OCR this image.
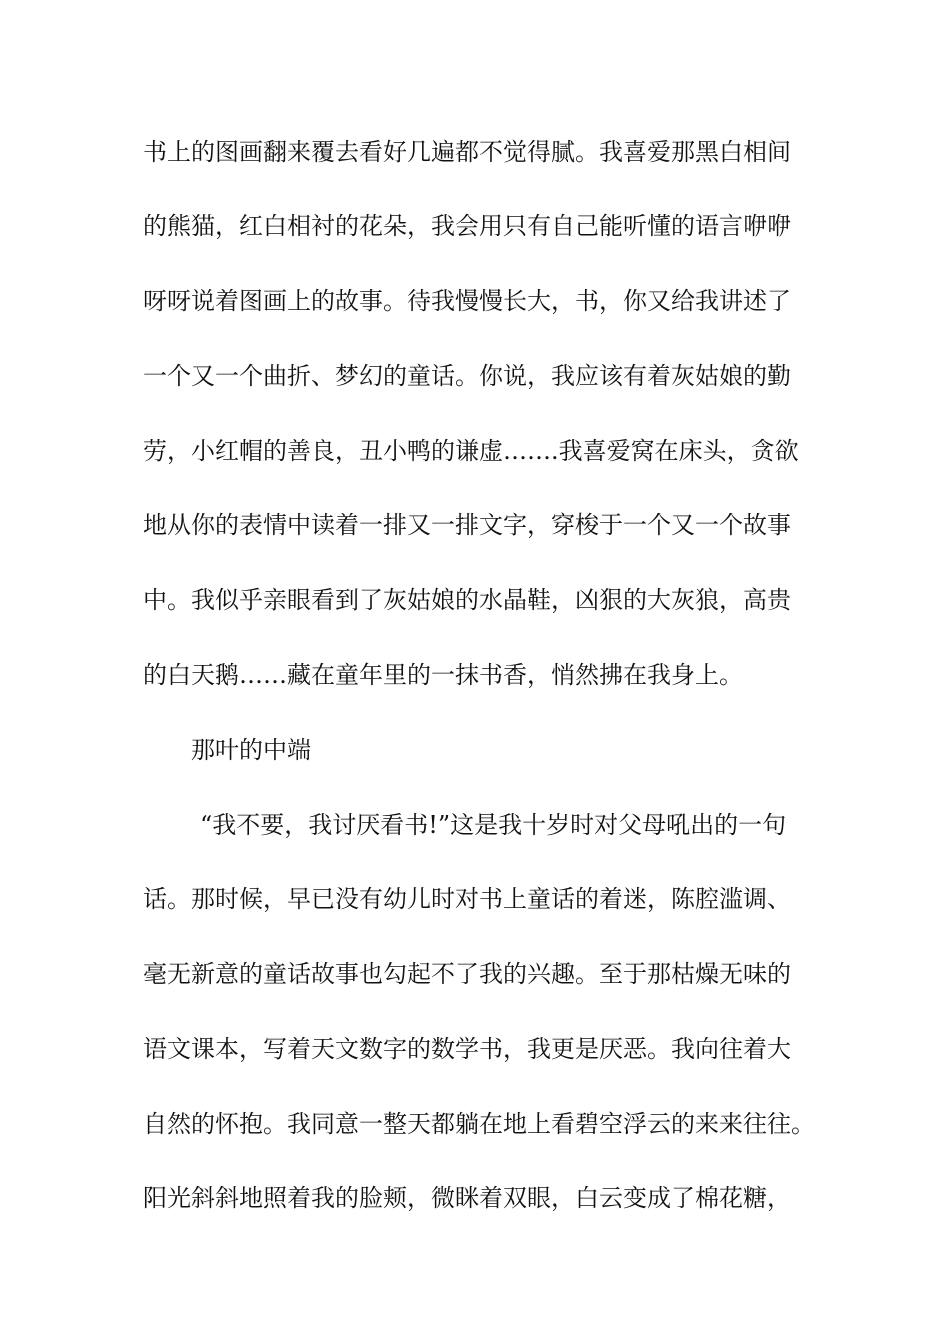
书上的图画翻来覆去看好几遍都不觉得腻。我喜爱那黑白相间
的熊猫，红白相衬的花朵，我会用只有自己能听懂的语言咿咿
呀呀说着图画上的故事。待我慢慢长大，书，你又给我讲述了
一个又一个曲折、梦幻的童话。你说，我应该有着灰姑娘的勤
劳，小红帽的善良，丑小鸭的谦虚…….我喜爱窝在床头，贪欲
地从你的表情中读着一排又一排文字，穿梭于一个又一个故事
中。我似乎亲眼看到了灰姑娘的水晶鞋，凶狠的大灰狼，高贵
的白天鹅……藏在童年里的一抹书香，悄然拂在我身上。
那叶的中端
“我不要，我讨厌看书!”这是我十岁时对父母吼出的一句
话。那时候，早已没有幼儿时对书上童话的着迷，陈腔滥调、
毫无新意的童话故事也勾起不了我的兴趣。至于那枯燥无味的
语文课本，写着天文数字的数学书，我更是厌恶。我向往着大
自然的怀抱。我同意一整天都躺在地上看碧空浮云的来来往往。
阳光斜斜地照着我的脸颊，微眯着双眼，白云变成了棉花糖，
